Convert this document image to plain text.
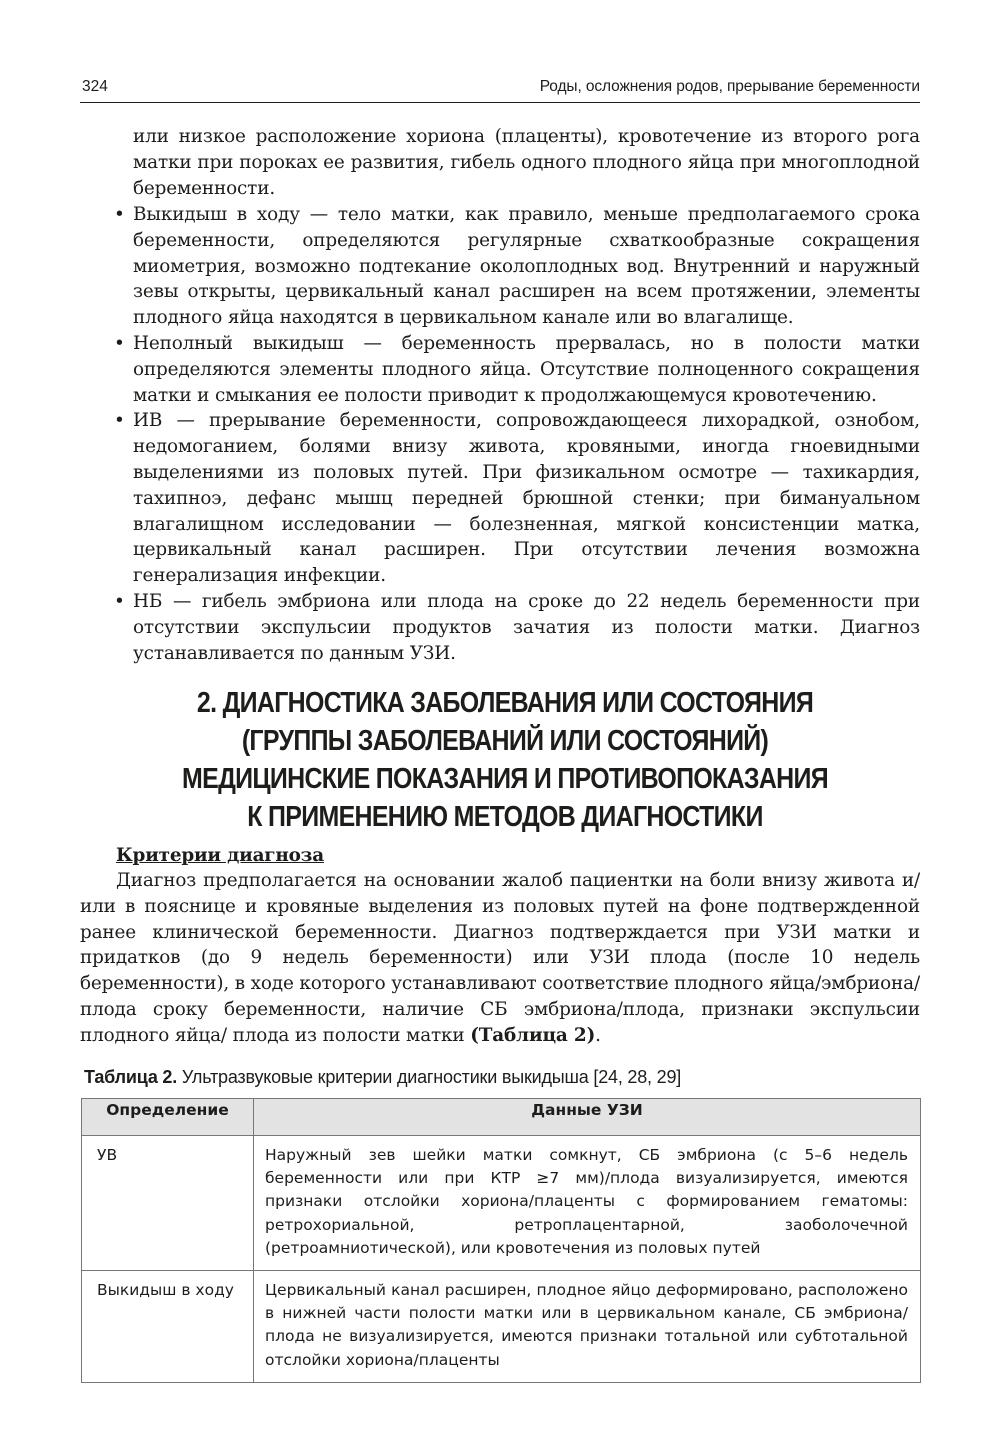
324	Роды, осложнения родов, прерывание беременности
или низкое расположение хориона (плаценты), кровотечение из второго рога матки при пороках ее развития, гибель одного плодного яйца при многоплодной беременности.
• Выкидыш в ходу — тело матки, как правило, меньше предполагаемого срока беременности, определяются регулярные схваткообразные сокращения миометрия, возможно подтекание околоплодных вод. Внутренний и наружный зевы открыты, цервикальный канал расширен на всем протяжении, элементы плодного яйца находятся в цервикальном канале или во влагалище.
• Неполный выкидыш — беременность прервалась, но в полости матки определяются элементы плодного яйца. Отсутствие полноценного сокращения матки и смыкания ее полости приводит к продолжающемуся кровотечению.
• ИВ — прерывание беременности, сопровождающееся лихорадкой, ознобом, недомоганием, болями внизу живота, кровяными, иногда гноевидными выделениями из половых путей. При физикальном осмотре — тахикардия, тахипноэ, дефанс мышц передней брюшной стенки; при бимануальном влагалищном исследовании — болезненная, мягкой консистенции матка, цервикальный канал расширен. При отсутствии лечения возможна генерализация инфекции.
• НБ — гибель эмбриона или плода на сроке до 22 недель беременности при отсутствии экспульсии продуктов зачатия из полости матки. Диагноз устанавливается по данным УЗИ.
2. ДИАГНОСТИКА ЗАБОЛЕВАНИЯ ИЛИ СОСТОЯНИЯ
(ГРУППЫ ЗАБОЛЕВАНИЙ ИЛИ СОСТОЯНИЙ)
МЕДИЦИНСКИЕ ПОКАЗАНИЯ И ПРОТИВОПОКАЗАНИЯ
К ПРИМЕНЕНИЮ МЕТОДОВ ДИАГНОСТИКИ
Критерии диагноза
Диагноз предполагается на основании жалоб пациентки на боли внизу живота и/или в пояснице и кровяные выделения из половых путей на фоне подтвержденной ранее клинической беременности. Диагноз подтверждается при УЗИ матки и придатков (до 9 недель беременности) или УЗИ плода (после 10 недель беременности), в ходе которого устанавливают соответствие плодного яйца/эмбриона/плода сроку беременности, наличие СБ эмбриона/плода, признаки экспульсии плодного яйца/ плода из полости матки (Таблица 2).
Таблица 2. Ультразвуковые критерии диагностики выкидыша [24, 28, 29]
Определение	Данные УЗИ
УВ	Наружный зев шейки матки сомкнут, СБ эмбриона (с 5–6 недель беременности или при КТР ≥7 мм)/плода визуализируется, имеются признаки отслойки хориона/плаценты с формированием гематомы: ретрохориальной, ретроплацентарной, заоболочечной (ретроамниотической), или кровотечения из половых путей
Выкидыш в ходу	Цервикальный канал расширен, плодное яйцо деформировано, расположено в нижней части полости матки или в цервикальном канале, СБ эмбриона/плода не визуализируется, имеются признаки тотальной или субтотальной отслойки хориона/плаценты
